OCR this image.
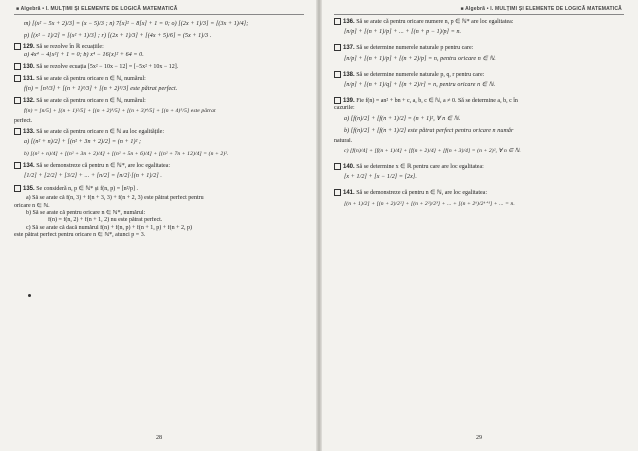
■ Algebră • I. MULȚIMI ȘI ELEMENTE DE LOGICĂ MATEMATICĂ
m) [(x² − 5x + 2)/3] = (x − 5)/3 ; n) 7{x}² − 8[x] + 1 = 0; o) [(2x + 1)/3] = [(3x + 1)/4];
p) [(x² − 1)/2] = [(x² + 1)/3] ; r) [(2x + 1)/3] + [(4x + 5)/6] = (5x + 1)/3 .
129. Să se rezolve în ℝ ecuațiile:
a) 4x⁴ − 4[x²] + 1 = 0; b) x⁴ − 16[x]² + 64 = 0.
130. Să se rezolve ecuația [5x² − 10x − 12] = [−5x² + 10x − 12].
131. Să se arate că pentru oricare n ∈ ℕ, numărul:
f(n) = [n³/3] + [(n + 1)³/3] + [(n + 2)³/3] este pătrat perfect.
132. Să se arate că pentru oricare n ∈ ℕ, numărul:
f(n) = [n/5] + [(n + 1)²/5] + [(n + 2)³/5] + [(n + 3)⁴/5] + [(n + 4)⁵/5] este pătrat
perfect.
133. Să se arate că pentru oricare n ∈ ℕ au loc egalitățile:
a) [(n² + n)/2] + [(n² + 3n + 2)/2] = (n + 1)² ;
b) [(n² + n)/4] + [(n² + 3n + 2)/4] + [(n² + 5n + 6)/4] + [(n² + 7n + 12)/4] = (n + 2)².
134. Să se demonstreze că pentru n ∈ ℕ*, are loc egalitatea:
[1/2] + [2/2] + [3/2] + ... + [n/2] = [n/2]·[(n + 1)/2] .
135. Se consideră n, p ∈ ℕ* și f(n, p) = [n²/p] .
a) Să se arate că f(n, 3) + f(n + 3, 3) + f(n + 2, 3) este pătrat perfect pentru
oricare n ∈ ℕ.
b) Să se arate că pentru oricare n ∈ ℕ*, numărul:
f(n) = f(n, 2) + f(n + 1, 2) nu este pătrat perfect.
c) Să se arate că dacă numărul f(n) + f(n, p) + f(n + 1, p) + f(n + 2, p)
este pătrat perfect pentru oricare n ∈ ℕ*, atunci p = 3.
28
■ Algebră • I. MULȚIMI ȘI ELEMENTE DE LOGICĂ MATEMATICĂ
136. Să se arate că pentru oricare numere n, p ∈ ℕ* are loc egalitatea:
[n/p] + [(n + 1)/p] + ... + [(n + p − 1)/p] = n.
137. Să se determine numerele naturale p pentru care:
[n/p] + [(n + 1)/p] + [(n + 2)/p] = n, pentru oricare n ∈ ℕ.
138. Să se determine numerele naturale p, q, r pentru care:
[n/p] + [(n + 1)/q] + [(n + 2)/r] = n, pentru oricare n ∈ ℕ.
139. Fie f(n) = an² + bn + c, a, b, c ∈ ℕ, a ≠ 0. Să se determine a, b, c în
cazurile:
a) [f(n)/2] + [f(n + 1)/2] = (n + 1)², ∀ n ∈ ℕ.
b) [f(n)/2] + [f(n + 1)/2] este pătrat perfect pentru oricare n număr
natural.
c) [f(n)/4] + [f(n + 1)/4] + [f(n + 2)/4] + [f(n + 3)/4] = (n + 2)², ∀ n ∈ ℕ.
140. Să se determine x ∈ ℝ pentru care are loc egalitatea:
[x + 1/2] + [x − 1/2] = [2x].
141. Să se demonstreze că pentru n ∈ ℕ, are loc egalitatea:
[(n + 1)/2] + [(n + 2)/2²] + [(n + 2²)/2³] + ... + [(n + 2ᵏ)/2ᵏ⁺¹] + ... = n.
29
